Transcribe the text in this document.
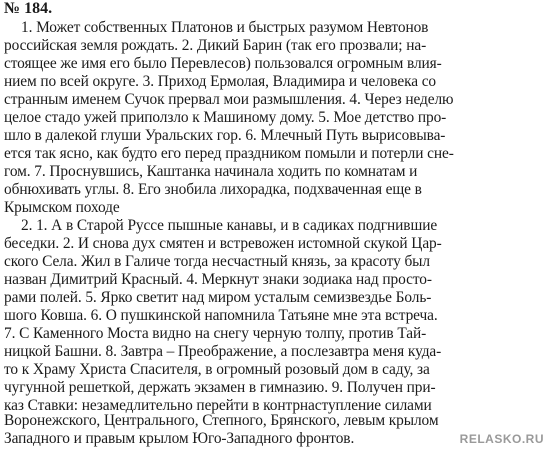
№ 184.
1. Может собственных Платонов и быстрых разумом Невтонов
российская земля рождать. 2. Дикий Барин (так его прозвали; на-
стоящее же имя его было Перевлесов) пользовался огромным влия-
нием по всей округе. 3. Приход Ермолая, Владимира и человека со
странным именем Сучок прервал мои размышления. 4. Через неделю
целое стадо ужей приползло к Машиному дому. 5. Мое детство про-
шло в далекой глуши Уральских гор. 6. Млечный Путь вырисовыва-
ется так ясно, как будто его перед праздником помыли и потерли сне-
гом. 7. Проснувшись, Каштанка начинала ходить по комнатам и
обнюхивать углы. 8. Его знобила лихорадка, подхваченная еще в
Крымском походе
2. 1. А в Старой Руссе пышные канавы, и в садиках подгнившие
беседки. 2. И снова дух смятен и встревожен истомной скукой Цар-
ского Села. Жил в Галиче тогда несчастный князь, за красоту был
назван Димитрий Красный. 4. Меркнут знаки зодиака над просто-
рами полей. 5. Ярко светит над миром усталым семизвездье Боль-
шого Ковша. 6. О пушкинской напомнила Татьяне мне эта встреча.
7. С Каменного Моста видно на снегу черную толпу, против Тай-
ницкой Башни. 8. Завтра – Преображение, а послезавтра меня куда-
то к Храму Христа Спасителя, в огромный розовый дом в саду, за
чугунной решеткой, держать экзамен в гимназию. 9. Получен при-
каз Ставки: незамедлительно перейти в контрнаступление силами
Воронежского, Центрального, Степного, Брянского, левым крылом
Западного и правым крылом Юго-Западного фронтов.	RELASKO.RU
